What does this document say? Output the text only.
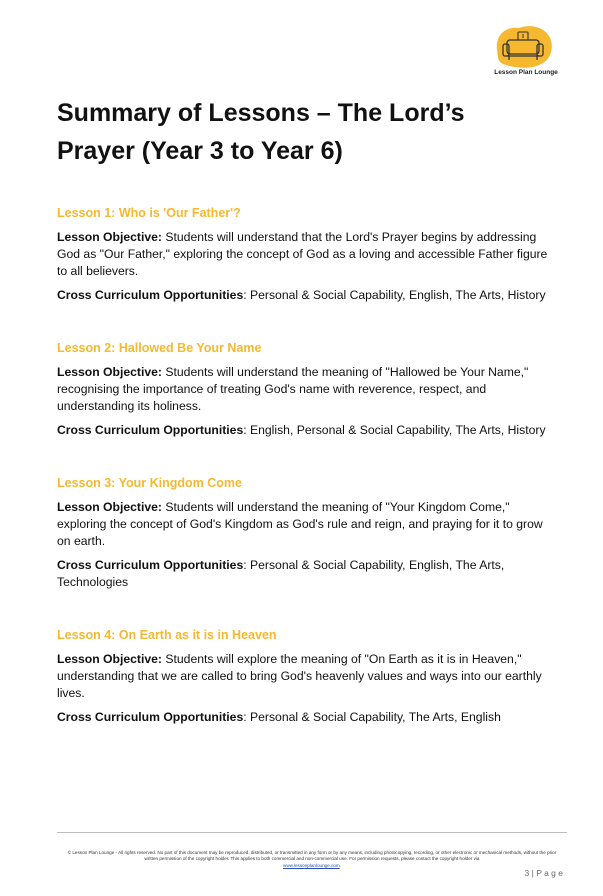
Lesson Plan Lounge
Summary of Lessons – The Lord’s Prayer (Year 3 to Year 6)

Lesson 1: Who is 'Our Father'?

Lesson Objective: Students will understand that the Lord's Prayer begins by addressing God as "Our Father," exploring the concept of God as a loving and accessible Father figure to all believers.

Cross Curriculum Opportunities: Personal & Social Capability, English, The Arts, History

Lesson 2: Hallowed Be Your Name

Lesson Objective: Students will understand the meaning of "Hallowed be Your Name," recognising the importance of treating God's name with reverence, respect, and understanding its holiness.

Cross Curriculum Opportunities: English, Personal & Social Capability, The Arts, History

Lesson 3: Your Kingdom Come

Lesson Objective: Students will understand the meaning of "Your Kingdom Come," exploring the concept of God's Kingdom as God's rule and reign, and praying for it to grow on earth.

Cross Curriculum Opportunities: Personal & Social Capability, English, The Arts, Technologies

Lesson 4: On Earth as it is in Heaven

Lesson Objective: Students will explore the meaning of "On Earth as it is in Heaven," understanding that we are called to bring God's heavenly values and ways into our earthly lives.

Cross Curriculum Opportunities: Personal & Social Capability, The Arts, English

© Lesson Plan Lounge - All rights reserved. No part of this document may be reproduced, distributed, or transmitted in any form or by any means, including photocopying, recording, or other electronic or mechanical methods, without the prior written permission of the copyright holder. This applies to both commercial and non-commercial use. For permission requests, please contact the copyright holder via
www.lessonplanlounge.com.
3 | P a g e
